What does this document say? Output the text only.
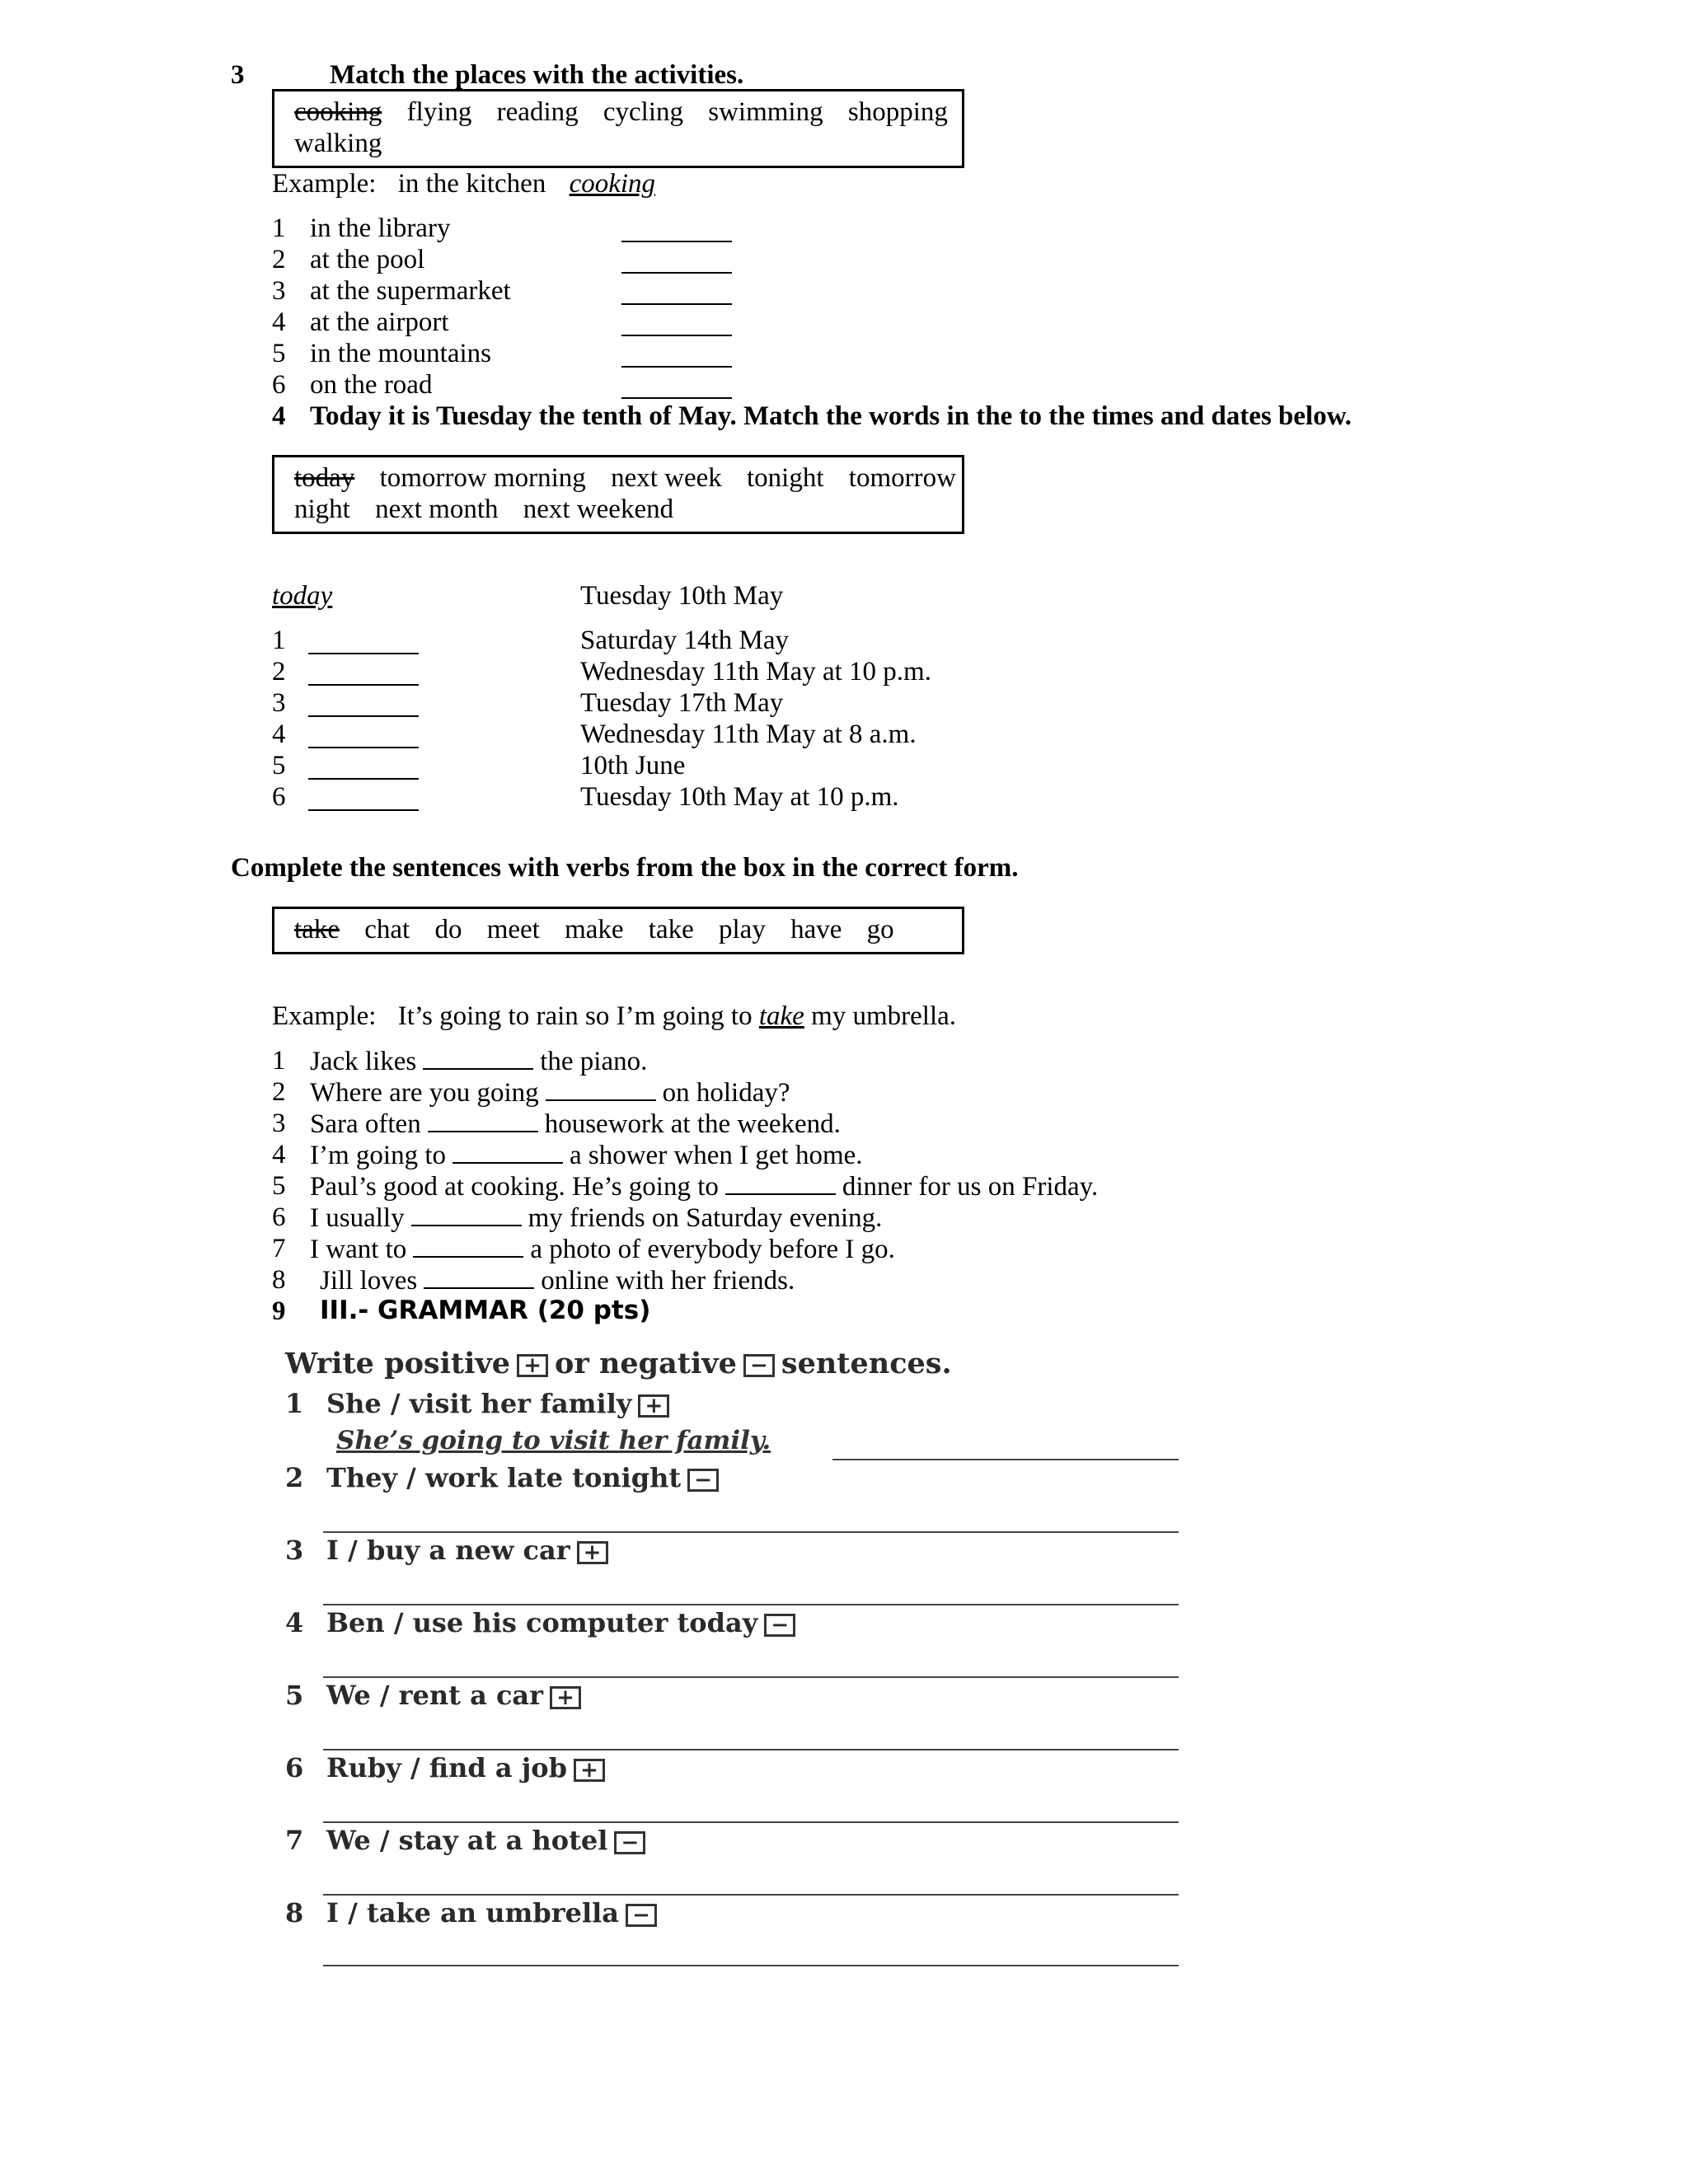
3	Match the places with the activities.
cooking flying reading cycling swimming shopping
walking
Example: in the kitchen cooking
1 in the library
2 at the pool
3 at the supermarket
4 at the airport
5 in the mountains
6 on the road
4 Today it is Tuesday the tenth of May. Match the words in the to the times and dates below.
today tomorrow morning next week tonight tomorrow
night next month next weekend
today	Tuesday 10th May
1	Saturday 14th May
2	Wednesday 11th May at 10 p.m.
3	Tuesday 17th May
4	Wednesday 11th May at 8 a.m.
5	10th June
6	Tuesday 10th May at 10 p.m.
Complete the sentences with verbs from the box in the correct form.
take chat do meet make take play have go
Example: It’s going to rain so I’m going to take my umbrella.
1 Jack likes	the piano.
2 Where are you going	on holiday?
3 Sara often	housework at the weekend.
4 I’m going to	a shower when I get home.
5 Paul’s good at cooking. He’s going to	dinner for us on Friday.
6 I usually	my friends on Saturday evening.
7 I want to	a photo of everybody before I go.
8 Jill loves	online with her friends.
9 III.- GRAMMAR (20 pts)
Write positive + or negative − sentences.
1 She / visit her family +
She’s going to visit her family.
2 They / work late tonight −
3 I / buy a new car +
4 Ben / use his computer today −
5 We / rent a car +
6 Ruby / find a job +
7 We / stay at a hotel −
8 I / take an umbrella −
